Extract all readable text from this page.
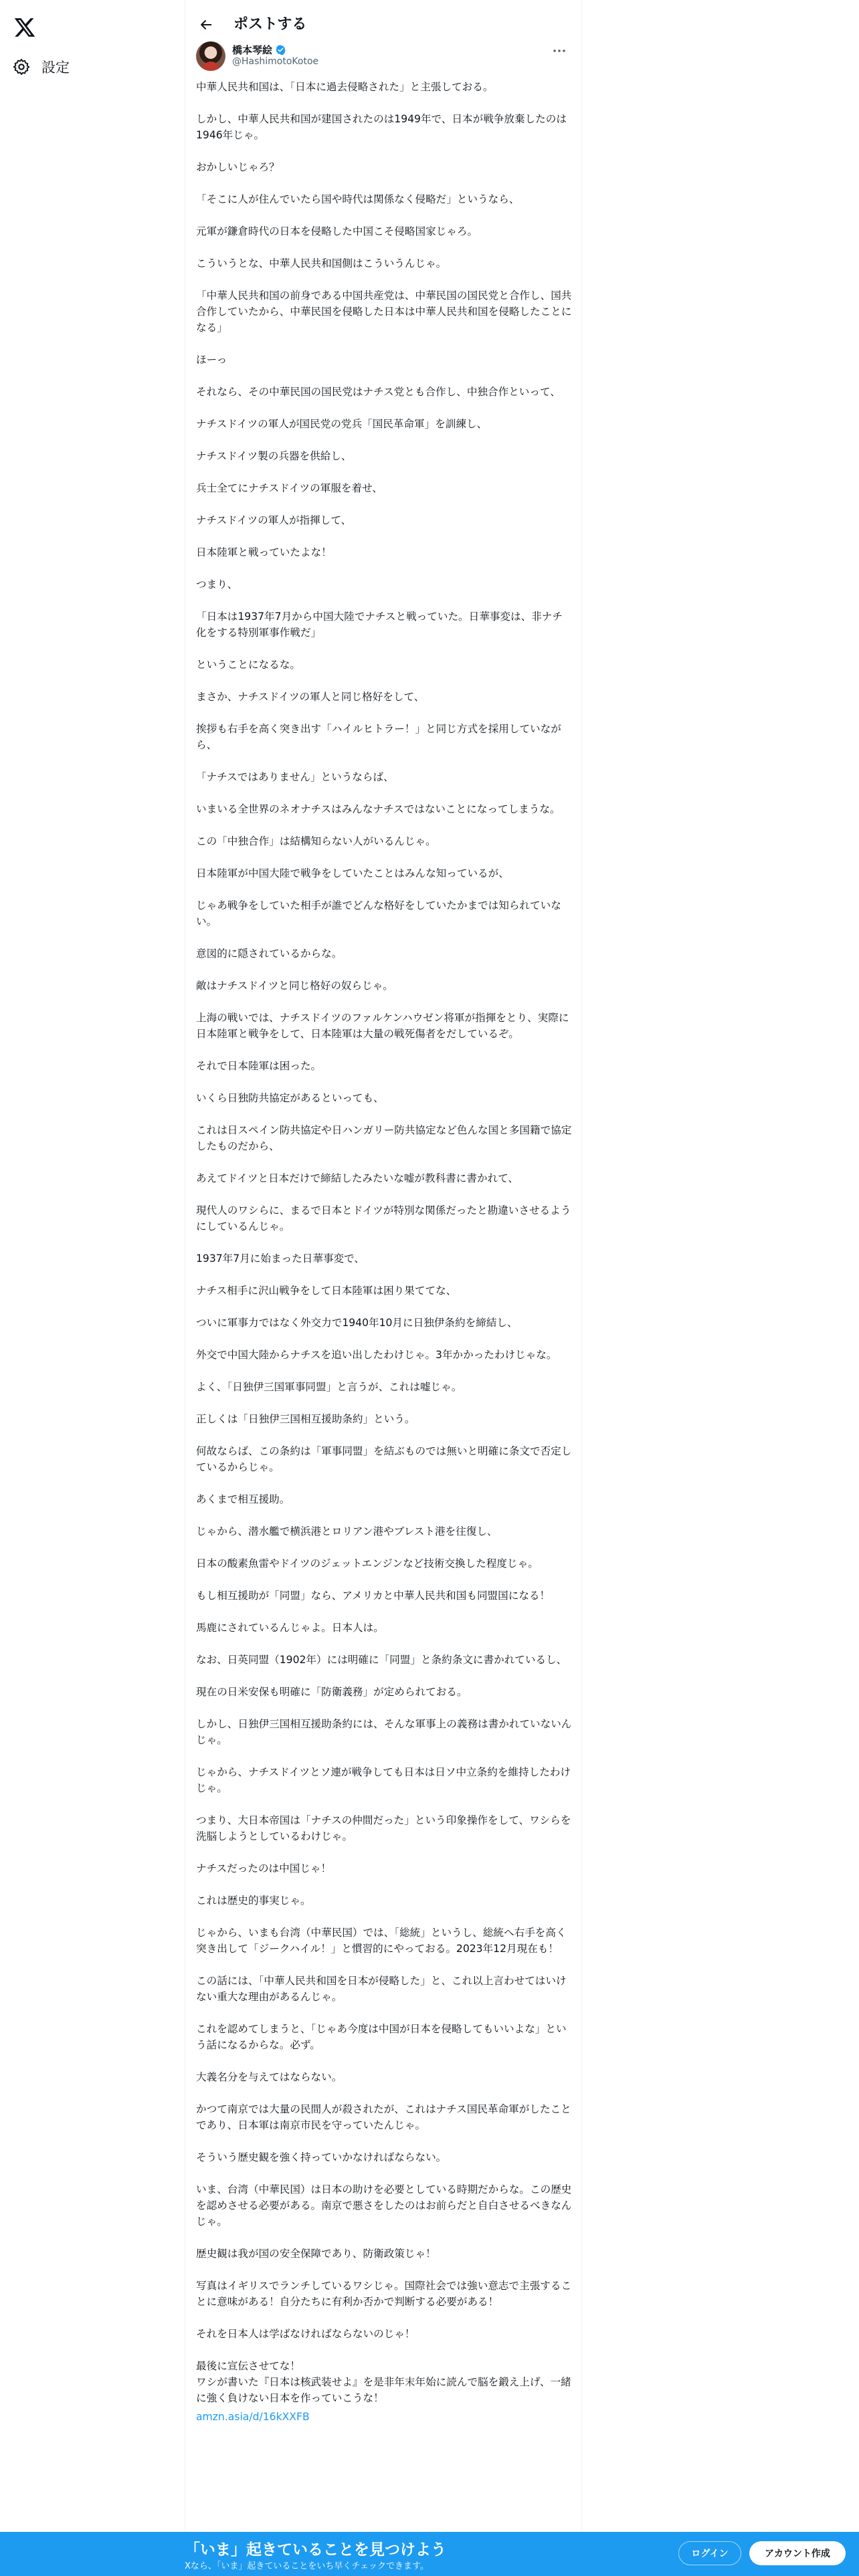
設定
ポストする
橋本琴絵
@HashimotoKotoe

中華人民共和国は、「日本に過去侵略された」と主張しておる。

しかし、中華人民共和国が建国されたのは1949年で、日本が戦争放棄したのは1946年じゃ。

おかしいじゃろ？

「そこに人が住んでいたら国や時代は関係なく侵略だ」というなら、

元軍が鎌倉時代の日本を侵略した中国こそ侵略国家じゃろ。

こういうとな、中華人民共和国側はこういうんじゃ。

「中華人民共和国の前身である中国共産党は、中華民国の国民党と合作し、国共合作していたから、中華民国を侵略した日本は中華人民共和国を侵略したことになる」

ほーっ

それなら、その中華民国の国民党はナチス党とも合作し、中独合作といって、

ナチスドイツの軍人が国民党の党兵「国民革命軍」を訓練し、

ナチスドイツ製の兵器を供給し、

兵士全てにナチスドイツの軍服を着せ、

ナチスドイツの軍人が指揮して、

日本陸軍と戦っていたよな！

つまり、

「日本は1937年7月から中国大陸でナチスと戦っていた。日華事変は、非ナチ化をする特別軍事作戦だ」

ということになるな。

まさか、ナチスドイツの軍人と同じ格好をして、

挨拶も右手を高く突き出す「ハイルヒトラー！」と同じ方式を採用していながら、

「ナチスではありません」というならば、

いまいる全世界のネオナチスはみんなナチスではないことになってしまうな。

この「中独合作」は結構知らない人がいるんじゃ。

日本陸軍が中国大陸で戦争をしていたことはみんな知っているが、

じゃあ戦争をしていた相手が誰でどんな格好をしていたかまでは知られていない。

意図的に隠されているからな。

敵はナチスドイツと同じ格好の奴らじゃ。

上海の戦いでは、ナチスドイツのファルケンハウゼン将軍が指揮をとり、実際に日本陸軍と戦争をして、日本陸軍は大量の戦死傷者をだしているぞ。

それで日本陸軍は困った。

いくら日独防共協定があるといっても、

これは日スペイン防共協定や日ハンガリー防共協定など色んな国と多国籍で協定したものだから、

あえてドイツと日本だけで締結したみたいな嘘が教科書に書かれて、

現代人のワシらに、まるで日本とドイツが特別な関係だったと勘違いさせるようにしているんじゃ。

1937年7月に始まった日華事変で、

ナチス相手に沢山戦争をして日本陸軍は困り果ててな、

ついに軍事力ではなく外交力で1940年10月に日独伊条約を締結し、

外交で中国大陸からナチスを追い出したわけじゃ。3年かかったわけじゃな。

よく、「日独伊三国軍事同盟」と言うが、これは嘘じゃ。

正しくは「日独伊三国相互援助条約」という。

何故ならば、この条約は「軍事同盟」を結ぶものでは無いと明確に条文で否定しているからじゃ。

あくまで相互援助。

じゃから、潜水艦で横浜港とロリアン港やブレスト港を往復し、

日本の酸素魚雷やドイツのジェットエンジンなど技術交換した程度じゃ。

もし相互援助が「同盟」なら、アメリカと中華人民共和国も同盟国になる！

馬鹿にされているんじゃよ。日本人は。

なお、日英同盟（1902年）には明確に「同盟」と条約条文に書かれているし、

現在の日米安保も明確に「防衛義務」が定められておる。

しかし、日独伊三国相互援助条約には、そんな軍事上の義務は書かれていないんじゃ。

じゃから、ナチスドイツとソ連が戦争しても日本は日ソ中立条約を維持したわけじゃ。

つまり、大日本帝国は「ナチスの仲間だった」という印象操作をして、ワシらを洗脳しようとしているわけじゃ。

ナチスだったのは中国じゃ！

これは歴史的事実じゃ。

じゃから、いまも台湾（中華民国）では、「総統」というし、総統へ右手を高く突き出して「ジークハイル！」と慣習的にやっておる。2023年12月現在も！

この話には、「中華人民共和国を日本が侵略した」と、これ以上言わせてはいけない重大な理由があるんじゃ。

これを認めてしまうと、「じゃあ今度は中国が日本を侵略してもいいよな」という話になるからな。必ず。

大義名分を与えてはならない。

かつて南京では大量の民間人が殺されたが、これはナチス国民革命軍がしたことであり、日本軍は南京市民を守っていたんじゃ。

そういう歴史観を強く持っていかなければならない。

いま、台湾（中華民国）は日本の助けを必要としている時期だからな。この歴史を認めさせる必要がある。南京で悪さをしたのはお前らだと自白させるべきなんじゃ。

歴史観は我が国の安全保障であり、防衛政策じゃ！

写真はイギリスでランチしているワシじゃ。国際社会では強い意志で主張することに意味がある！自分たちに有利か否かで判断する必要がある！

それを日本人は学ばなければならないのじゃ！

最後に宣伝させてな！
ワシが書いた『日本は核武装せよ』を是非年末年始に読んで脳を鍛え上げ、一緒に強く負けない日本を作っていこうな！

amzn.asia/d/16kXXFB
「いま」起きていることを見つけよう
Xなら、「いま」起きていることをいち早くチェックできます。
ログイン	アカウント作成
